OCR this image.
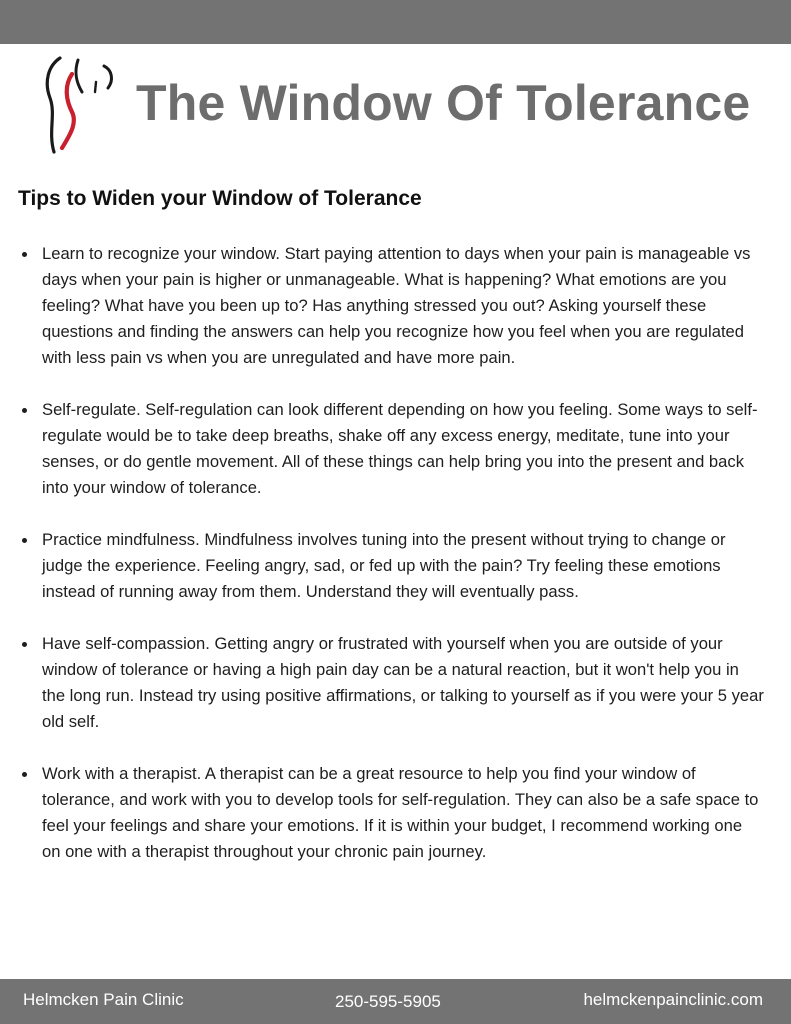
The Window Of Tolerance
Tips to Widen your Window of Tolerance
Learn to recognize your window. Start paying attention to days when your pain is manageable vs days when your pain is higher or unmanageable. What is happening? What emotions are you feeling? What have you been up to? Has anything stressed you out? Asking yourself these questions and finding the answers can help you recognize how you feel when you are regulated with less pain vs when you are unregulated and have more pain.
Self-regulate. Self-regulation can look different depending on how you feeling. Some ways to self-regulate would be to take deep breaths, shake off any excess energy, meditate, tune into your senses, or do gentle movement. All of these things can help bring you into the present and back into your window of tolerance.
Practice mindfulness. Mindfulness involves tuning into the present without trying to change or judge the experience. Feeling angry, sad, or fed up with the pain? Try feeling these emotions instead of running away from them. Understand they will eventually pass.
Have self-compassion. Getting angry or frustrated with yourself when you are outside of your window of tolerance or having a high pain day can be a natural reaction, but it won't help you in the long run. Instead try using positive affirmations, or talking to yourself as if you were your 5 year old self.
Work with a therapist. A therapist can be a great resource to help you find your window of tolerance, and work with you to develop tools for self-regulation. They can also be a safe space to feel your feelings and share your emotions. If it is within your budget, I recommend working one on one with a therapist throughout your chronic pain journey.
Helmcken Pain Clinic	250-595-5905	helmckenpainclinic.com
